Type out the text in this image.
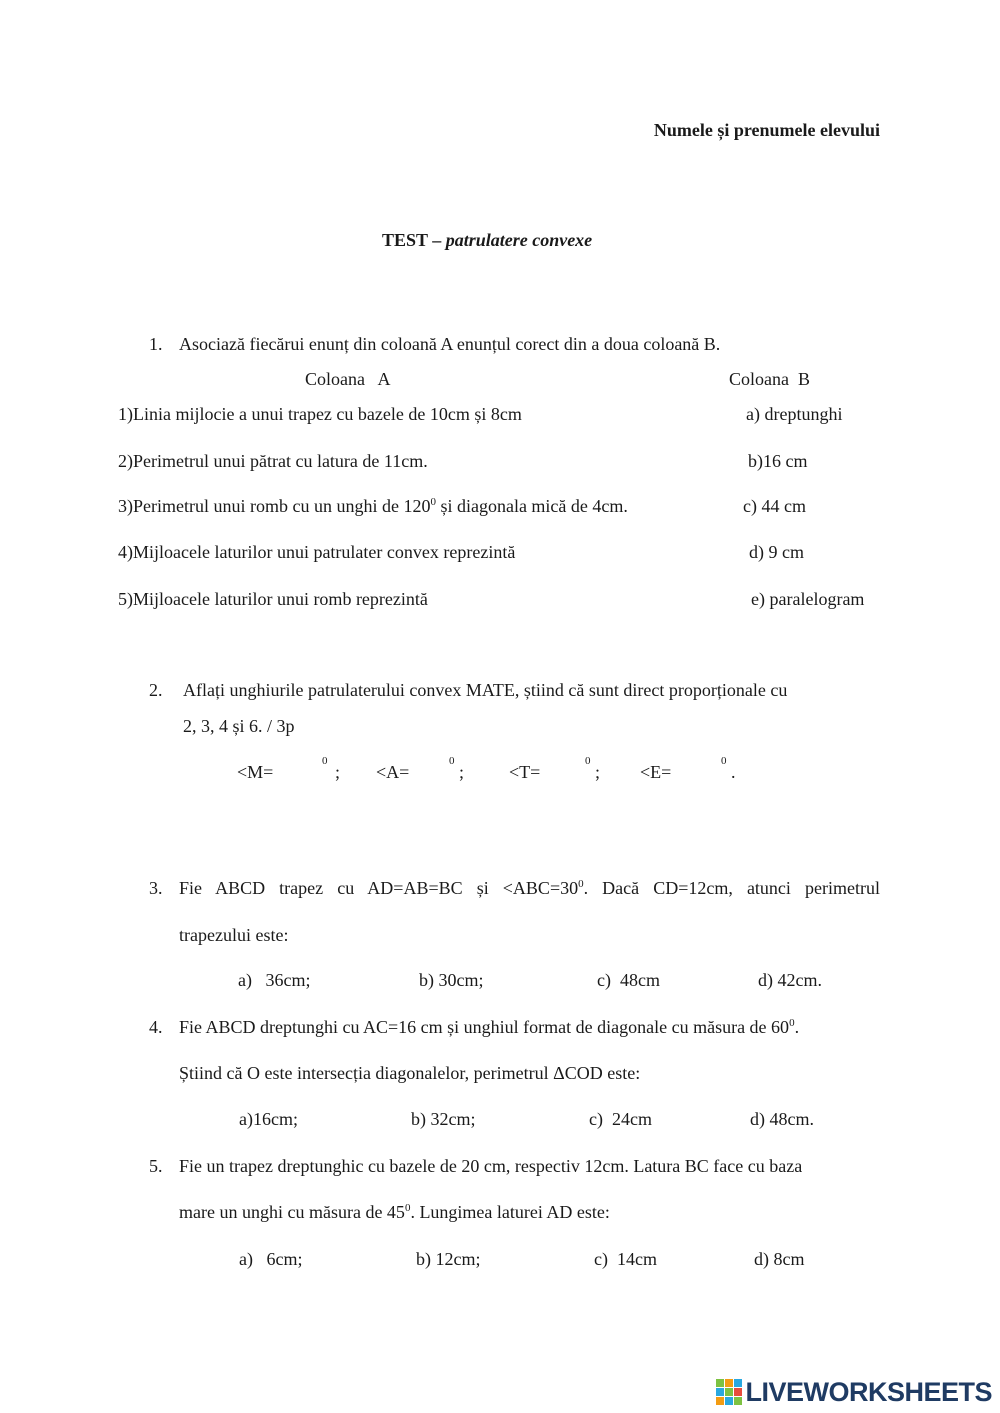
Numele și prenumele elevului
TEST – patrulatere convexe
1. Asociază fiecărui enunț din coloană A enunțul corect din a doua coloană B.
Coloana   A	Coloana  B
1)Linia mijlocie a unui trapez cu bazele de 10cm și 8cm	a) dreptunghi
2)Perimetrul unui pătrat cu latura de 11cm.	b)16 cm
3)Perimetrul unui romb cu un unghi de $120^0$ și diagonala mică de 4cm.	c) 44 cm
4)Mijloacele laturilor unui patrulater convex reprezintă	d) 9 cm
5)Mijloacele laturilor unui romb reprezintă	e) paralelogram
2. Aflați unghiurile patrulaterului convex MATE, știind că sunt direct proporționale cu
2, 3, 4 și 6. / 3p
<M=
0
; <A=
0
; <T=
0
; <E=
0
.
3. Fie ABCD trapez cu AD=AB=BC și $<ABC=30^0$. Dacă CD=12cm, atunci perimetrul
trapezului este:
a)   36cm;	b) 30cm;	c)  48cm	d) 42cm.
4. Fie ABCD dreptunghi cu AC=16 cm și unghiul format de diagonale cu măsura de $60^0$.
Știind că O este intersecția diagonalelor, perimetrul ΔCOD este:
a)16cm;	b) 32cm;	c)  24cm	d) 48cm.
5. Fie un trapez dreptunghic cu bazele de 20 cm, respectiv 12cm. Latura BC face cu baza
mare un unghi cu măsura de $45^0$. Lungimea laturei AD este:
a)   6cm;	b) 12cm;	c)  14cm	d) 8cm
LIVEWORKSHEETS
